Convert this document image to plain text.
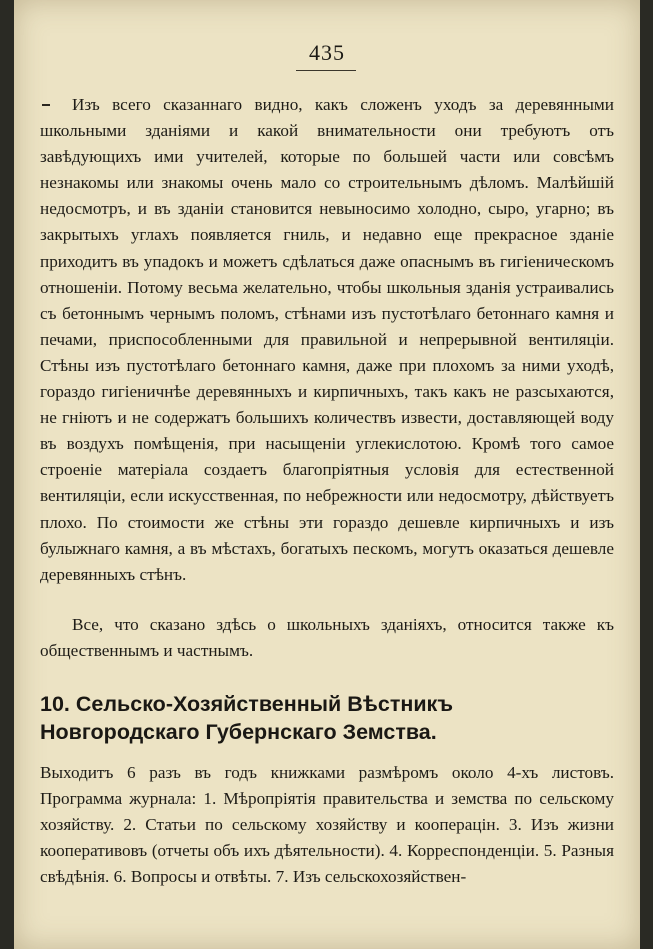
435
Изъ всего сказаннаго видно, какъ сложенъ уходъ за деревянными школьными зданіями и какой внимательности они требуютъ отъ завѣдующихъ ими учителей, которые по большей части или совсѣмъ незнакомы или знакомы очень мало со строительнымъ дѣломъ. Малѣйшій недосмотръ, и въ зданіи становится невыносимо холодно, сыро, угарно; въ закрытыхъ углахъ появляется гниль, и недавно еще прекрасное зданіе приходитъ въ упадокъ и можетъ сдѣлаться даже опаснымъ въ гигіеническомъ отношеніи. Потому весьма желательно, чтобы школьныя зданія устраивались съ бетоннымъ чернымъ поломъ, стѣнами изъ пустотѣлаго бетоннаго камня и печами, приспособленными для правильной и непрерывной вентиляціи. Стѣны изъ пустотѣлаго бетоннаго камня, даже при плохомъ за ними уходѣ, гораздо гигіеничнѣе деревянныхъ и кирпичныхъ, такъ какъ не разсыхаются, не гніютъ и не содержатъ большихъ количествъ извести, доставляющей воду въ воздухъ помѣщенія, при насыщеніи углекислотою. Кромѣ того самое строеніе матеріала создаетъ благопріятныя условія для естественной вентиляціи, если искусственная, по небрежности или недосмотру, дѣйствуетъ плохо. По стоимости же стѣны эти гораздо дешевле кирпичныхъ и изъ булыжнаго камня, а въ мѣстахъ, богатыхъ пескомъ, могутъ оказаться дешевле деревянныхъ стѣнъ.
Все, что сказано здѣсь о школьныхъ зданіяхъ, относится также къ общественнымъ и частнымъ.
10. Сельско-Хозяйственный Вѣстникъ Новгородскаго Губернскаго Земства.
Выходитъ 6 разъ въ годъ книжками размѣромъ около 4-хъ листовъ. Программа журнала: 1. Мѣропріятія правительства и земства по сельскому хозяйству. 2. Статьи по сельскому хозяйству и кооперацін. 3. Изъ жизни кооперативовъ (отчеты объ ихъ дѣятельности). 4. Корреспонденціи. 5. Разныя свѣдѣнія. 6. Вопросы и отвѣты. 7. Изъ сельскохозяйствен-
